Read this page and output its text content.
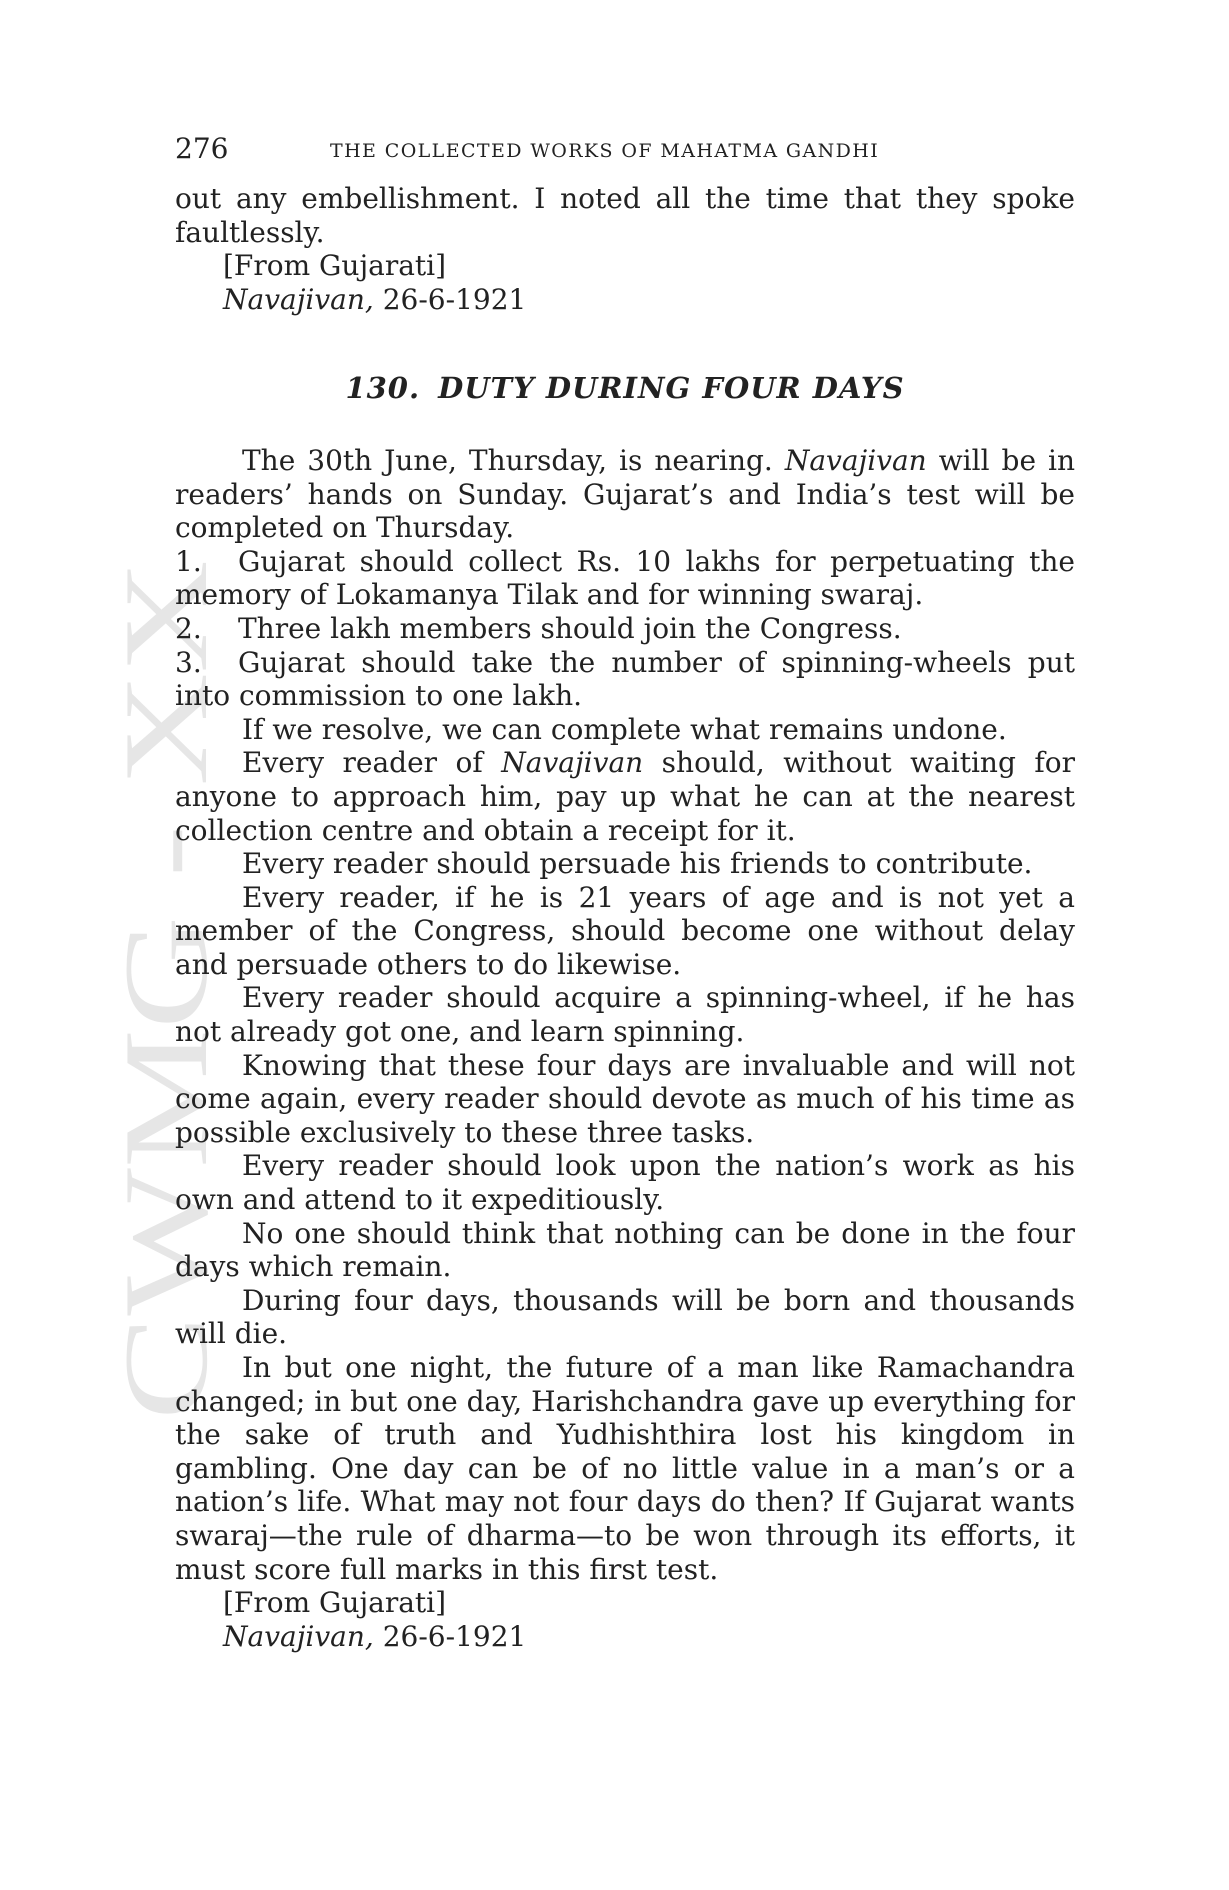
CWMG XX
276	THE COLLECTED WORKS OF MAHATMA GANDHI

out any embellishment. I noted all the time that they spoke faultlessly.

[From Gujarati]

Navajivan, 26-6-1921

130. DUTY DURING FOUR DAYS

The 30th June, Thursday, is nearing. Navajivan will be in readers’ hands on Sunday. Gujarat’s and India’s test will be completed on Thursday.

1. Gujarat should collect Rs. 10 lakhs for perpetuating the memory of Lokamanya Tilak and for winning swaraj.

2. Three lakh members should join the Congress.

3. Gujarat should take the number of spinning-wheels put into commission to one lakh.

If we resolve, we can complete what remains undone.

Every reader of Navajivan should, without waiting for anyone to approach him, pay up what he can at the nearest collection centre and obtain a receipt for it.

Every reader should persuade his friends to contribute.

Every reader, if he is 21 years of age and is not yet a member of the Congress, should become one without delay and persuade others to do likewise.

Every reader should acquire a spinning-wheel, if he has not already got one, and learn spinning.

Knowing that these four days are invaluable and will not come again, every reader should devote as much of his time as possible exclusively to these three tasks.

Every reader should look upon the nation’s work as his own and attend to it expeditiously.

No one should think that nothing can be done in the four days which remain.

During four days, thousands will be born and thousands will die.

In but one night, the future of a man like Ramachandra changed; in but one day, Harishchandra gave up everything for the sake of truth and Yudhishthira lost his kingdom in gambling. One day can be of no little value in a man’s or a nation’s life. What may not four days do then? If Gujarat wants swaraj—the rule of dharma—to be won through its efforts, it must score full marks in this first test.

[From Gujarati]

Navajivan, 26-6-1921
